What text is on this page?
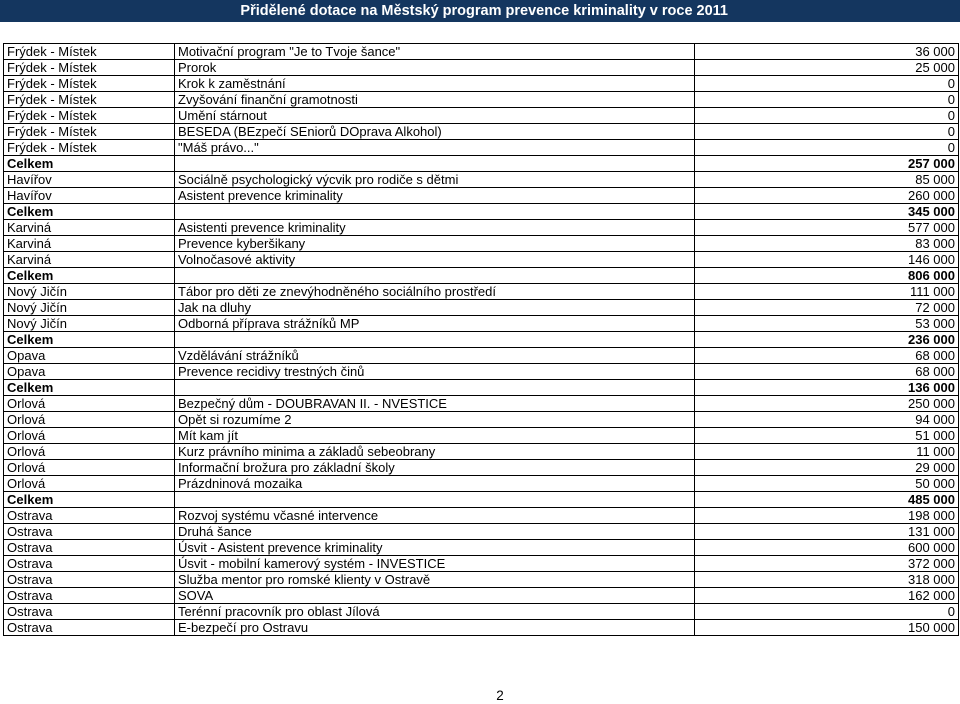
Přidělené dotace na Městský program prevence kriminality v roce 2011
Frýdek - Místek	Motivační program "Je to Tvoje šance"	36 000
Frýdek - Místek	Prorok	25 000
Frýdek - Místek	Krok k zaměstnání	0
Frýdek - Místek	Zvyšování finanční gramotnosti	0
Frýdek - Místek	Umění stárnout	0
Frýdek - Místek	BESEDA (BEzpečí SEniorů DOprava Alkohol)	0
Frýdek - Místek	"Máš právo..."	0
Celkem		257 000
Havířov	Sociálně psychologický výcvik pro rodiče s dětmi	85 000
Havířov	Asistent prevence kriminality	260 000
Celkem		345 000
Karviná	Asistenti prevence kriminality	577 000
Karviná	Prevence kyberšikany	83 000
Karviná	Volnočasové aktivity	146 000
Celkem		806 000
Nový Jičín	Tábor pro děti ze znevýhodněného sociálního prostředí	111 000
Nový Jičín	Jak na dluhy	72 000
Nový Jičín	Odborná příprava strážníků MP	53 000
Celkem		236 000
Opava	Vzdělávání strážníků	68 000
Opava	Prevence recidivy trestných činů	68 000
Celkem		136 000
Orlová	Bezpečný dům - DOUBRAVAN II. - NVESTICE	250 000
Orlová	Opět si rozumíme 2	94 000
Orlová	Mít kam jít	51 000
Orlová	Kurz právního minima a základů sebeobrany	11 000
Orlová	Informační brožura pro základní školy	29 000
Orlová	Prázdninová mozaika	50 000
Celkem		485 000
Ostrava	Rozvoj systému včasné intervence	198 000
Ostrava	Druhá šance	131 000
Ostrava	Úsvit - Asistent prevence kriminality	600 000
Ostrava	Úsvit - mobilní kamerový systém - INVESTICE	372 000
Ostrava	Služba mentor pro romské klienty v Ostravě	318 000
Ostrava	SOVA	162 000
Ostrava	Terénní pracovník pro oblast Jílová	0
Ostrava	E-bezpečí pro Ostravu	150 000
2
